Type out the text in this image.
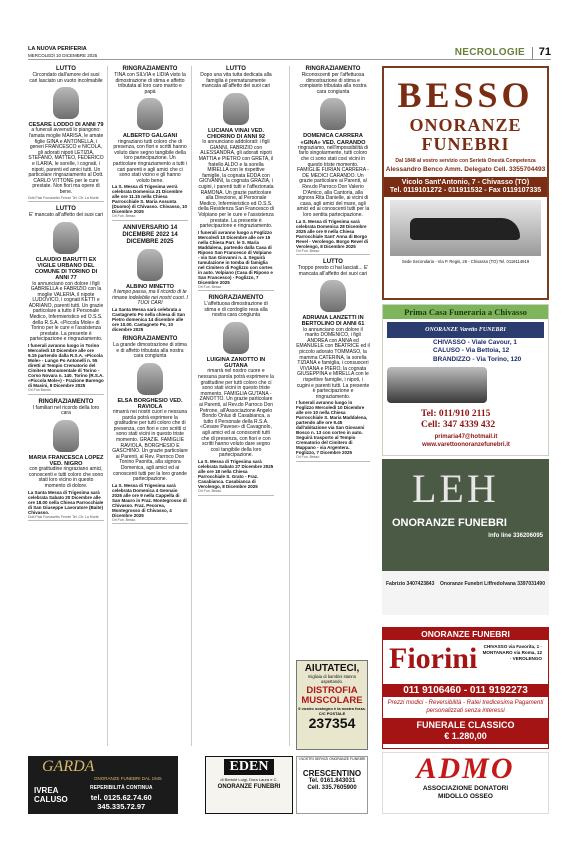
LA NUOVA PERIFERIA
MERCOLEDÌ 10 DICEMBRE 2025	NECROLOGIE 71

LUTTO

Circondato dall'amore dei suoi cari lasciato un vuoto incolmabile

CESARE LODDO DI ANNI 79

a funerali avvenuti lo piangono: l'amata moglie MARISA, le amate figlie GINA e ANTONELLA, i generi FRANCESCO e NICOLA, gli adorati nipoti LETIZIA, STEFANO, MATTEO, FEDERICO e ILARIA, le sorelle, i cognati, i nipoti, parenti ed amici tutti. Un particolare ringraziamento al Dott. CARLO VITTONE per le cure prestate. Non fiori ma opere di bene.

Dott Pasi Fornasetto Ferrari Tel. Cfr. La Morte

LUTTO

E' mancato all'affetto dei suoi cari

CLAUDIO BARUTTI EX VIGILE URBANO DEL COMUNE DI TORINO DI ANNI 77

lo annunciano con dolore i figli GABRIELLA e FABRIZIO con la moglie VALERIA, il nipote LUDOVICO, i cognati KETTI e ADRIANO, parenti tutti. Un grazie particolare a tutto il Personale Medico, Infermieristico ed O.S.S. della R.S.A. «Piccola Mole» di Torino per le cure e l'assistenza prestate. La presente è partecipazione e ringraziamento.

I funerali avranno luogo in Torino Mercoledì 10 Dicembre alle ore 9.15 partendo dalla R.S.A. «Piccola Mole» - Lungo Po Antonelli n. 55 diretti al Tempio Crematorio del Cimitero Monumentale di Torino - Corso Novara n. 140. Torino (R.S.A. «Piccola Mole») - Frazione Barengo di Masini, 8 Dicembre 2025

Ori Fun Barolo

RINGRAZIAMENTO

I familiari nel ricordo della loro cara

MARIA FRANCESCA LOPEZ VED. NIGRO

con gratitudine ringraziano amici, conoscenti e tutti coloro che sono stati loro vicino in questo momento di dolore.

La Santa Messa di Trigesima sarà celebrata Sabato 20 Dicembre alle ore 18.00 nella Chiesa Parrocchiale di San Giuseppe Lavoratore (Baite) Chivasso.

Dott Pasi Fornasetto Ferrari Tel. Cfr. La Morte

RINGRAZIAMENTO

TINA con SILVIA e LIDIA visto la dimostrazione di stima e affetto tributata al loro caro marito e papà

ALBERTO GALGANI

ringraziano tutti coloro che di presenza, con fiori e scritti hanno voluto dare segno tangibile della loro partecipazione. Un particolare ringraziamento a tutti i cari parenti e agli amici che ci sono stati vicino e gli hanno voluto bene.

La S. Messa di Trigesima verrà celebrata Domenica 21 Dicembre alle ore 11.15 nella Chiesa Parrocchiale S. Maria Assunta (Duomo) di Chivasso. Chivasso, 10 Dicembre 2025

Ori Fun. Besso

ANNIVERSARIO 14 DICEMBRE 2022 14 DICEMBRE 2025

ALBINO MINETTO

Il tempo passa, ma il ricordo di te rimane indelebile nei nostri cuori. I TUOI CARI

La Santa Messa sarà celebrata a Castagneto Po nella chiesa di San Pietro domenica 14 dicembre alle ore 10.00. Castagneto Po, 10 dicembre 2025

RINGRAZIAMENTO

La grande dimostrazione di stima e di affetto tributata alla nostra cara congiunta

ELSA BORGHESIO VED. RAVIOLA

rimarrà nei nostri cuori e nessuna parola potrà esprimere la gratitudine per tutti coloro che di presenza, con fiori e con scritti ci sono stati vicini in questo triste momento. GRAZIE. FAMIGLIE RAVIOLA, BORGHESIO E GASCHINO. Un grazie particolare ai Parenti, al Rev. Parroco Don Tonino Paonita, alla signora Domenica, agli amici ed ai conoscenti tutti per la loro grande partecipazione.

La S. Messa di Trigesima sarà celebrata Domenica 4 Gennaio 2026 alle ore 9 nella Cappella di San Mauro in Fraz. Montegrosso di Chivasso. Fraz. Pecorea, Montegrosso di Chivasso, 4 Dicembre 2025

Ori Fun. Besso

LUTTO

Dopo una vita tutta dedicata alla famiglia è prematuramente mancata all'affetto dei suoi cari

LUCIANA VINAI VED. CHIORINO DI ANNI 92

lo annunciano addolorati: i figli GIANNI, FABRIZIO con ALESSANDRA, gli adorati nipoti MATTIA e PIETRO con GRETA, il fratello ALDO e la sorella MIRELLA con le rispettive famiglie, la cognata EDDA con GIOVANNI, la cognata GRAZIA, i cugini, i parenti tutti e l'affezionata RAMONA. Un grazie particolare alla Direzione, al Personale Medico, Infermieristico ed O.S.S. della Residenza San Francesco di Volpiano per le cure e l'assistenza prestate. La presente è partecipazione e ringraziamento.

I funerali avranno luogo a Foglizzo Mercoledì 10 Dicembre alle ore 15 nella Chiesa Parr. le S. Maria Maddalena, partendo dalla Casa di Riposo San Francesco di Volpiano - via San Giovanni n. 4. Seguirà tumulazione in tomba di famiglia nel Cimitero di Foglizzo con cortes in auto. Volpiano (Casa di Riposo e San Francesco) - Foglizzo, 7 Dicembre 2025

Ori Fun. Besso

RINGRAZIAMENTO

L'affettuosa dimostrazione di stima e di cordoglio resa alla nostra cara congiunta

LUIGINA ZANOTTO IN GUTANA

rimarrà nel nostro cuore e nessuna parola potrà esprimere la gratitudine per tutti coloro che ci sono stati vicini in questo triste momento. FAMIGLIA GUTANA - ZANOTTO. Un grazie particolare ai Parenti, al Rev.do Parroco Don Petrone, all'Associazione Angelo Bondo Onlus di Casabianca, a tutto il Personale della R.S.A. «Cesare Pavese» di Cavagnolo, agli amici ed ai conoscenti tutti che di presenza, con fiori e con scritti hanno voluto dare segno così tangibile della loro partecipazione.

La S. Messa di Trigesima sarà celebrata Sabato 27 Dicembre 2025 alle ore 18 nella Chiesa Parrocchiale S. Grato - Fraz. Casabianca. Casabianca di Verolengo, 8 Dicembre 2025

Ori Fun. Besso

RINGRAZIAMENTO

Riconoscenti per l'affettuosa dimostrazione di stima e compianto tributata alla nostra cara congiunta

DOMENICA CARRERA «GINA» VED. CARANDO

ringraziamo, nell'impossibilità di farlo singolarmente, tutti coloro che ci sono stati così vicini in questo triste momento. FAMIGLIE FURIAN CARRERA - DE MEDICI CARANDO. Un grazie particolare ai Parenti, al Rev.do Parroco Don Valerio D'Amico, alla Cantoria, alla signora Rita Danielle, ai vicini di casa, agli amici del mare, agli amici ed ai conoscenti tutti per la loro sentita partecipazione.

La S. Messa di Trigesima sarà celebrata Domenica 28 Dicembre 2025 alle ore 9 nella Chiesa Parrocchiale Sant' Anna di Borgo Revel - Verolengo. Borgo Revel di Verolengo, 8 Dicembre 2025

Ori Fun. Besso

LUTTO

Troppo presto ci hai lasciati... E' mancata all'affetto dei suoi cari

ADRIANA LANZETTI IN BERTOLINO DI ANNI 61

lo annunciano con dolore il marito DOMENICO, i figli ANDREA con ANNA ed EMANUELE con BEATRICE ed il piccolo adorato TOMMASO, la mamma CATERINA, la sorella TIZIANA e famiglia, i consuoceri VIVIANA e PIERO, la cognata GIUSEPPINA e MIRELLA con le rispettive famiglie, i nipoti, i cugini e parenti tutti. La presente è partecipazione e ringraziamento.

I funerali avranno luogo in Foglizzo Mercoledì 10 Dicembre alle ore 10 nella Chiesa Parrocchiale S. Maria Maddalena, partendo alle ore 9.45 dall'abitazione via San Giovanni Bosco n. 13 con corteo in auto. Seguirà trasporto al Tempio Crematorio del Cimitero di Mappano - via Argentera. Foglizzo, 7 Dicembre 2025

Ori Fun. Besso

BESSO
ONORANZE FUNEBRI
Dal 1848 al vostro servizio con Serietà Onestà Competenza
Alessandro Benco Amm. Delegato Cell. 3355704493
Vicolo Sant'Antonio, 7 - Chivasso (TO)
Tel. 0119101272 - 011911532 - Fax 0119107335
Sede Secondaria - Via P. Regis, 26 - Chivasso (TO) Tel. 0119114919
Prima Casa Funeraria a Chivasso
ONORANZE Varetto FUNEBRI
CHIVASSO - Viale Cavour, 1
CALUSO - Via Bettoia, 12
BRANDIZZO - Via Torino, 120
Tel: 011/910 2115
Cell: 347 4339 432
primaria47@hotmail.it
www.varettoonoranzefunebri.it
LEH
ONORANZE FUNEBRI
Info line 336206095
Fabrizio 3407423843 Onoranze Funebri Liffredo Ivana 3397031490
ONORANZE FUNEBRI
Fiorini	CHIVASSO via Favorita, 1 · MONTANARO via Roma, 12 · VEROLENGO
011 9106460 - 011 9192273
Prezzi modici - Reversibilità - Ratei tredicesima Pagamenti personalizzati senza interessi
FUNERALE CLASSICO
€ 1.280,00
AIUTATECI,
migliaia di bambini stanno aspettando.
DISTROFIA MUSCOLARE
Il vostro sostegno è la nostra forza. C/C POSTALE
237354
ADMO
ASSOCIAZIONE DONATORI
MIDOLLO OSSEO
GARDA
ONORANZE FUNEBRI DAL 1945
IVREA
CALUSO
REPERIBILITÀ CONTINUA
tel. 0125.62.74.60
345.335.72.97
EDEN
di Bertolé Luigi, Dora Laura e C.
ONORANZE FUNEBRI
I NOSTRI SERVIZI ONORANZE FUNEBRI
CRESCENTINO
Tel. 0161.843031
Cell. 335.7605900
